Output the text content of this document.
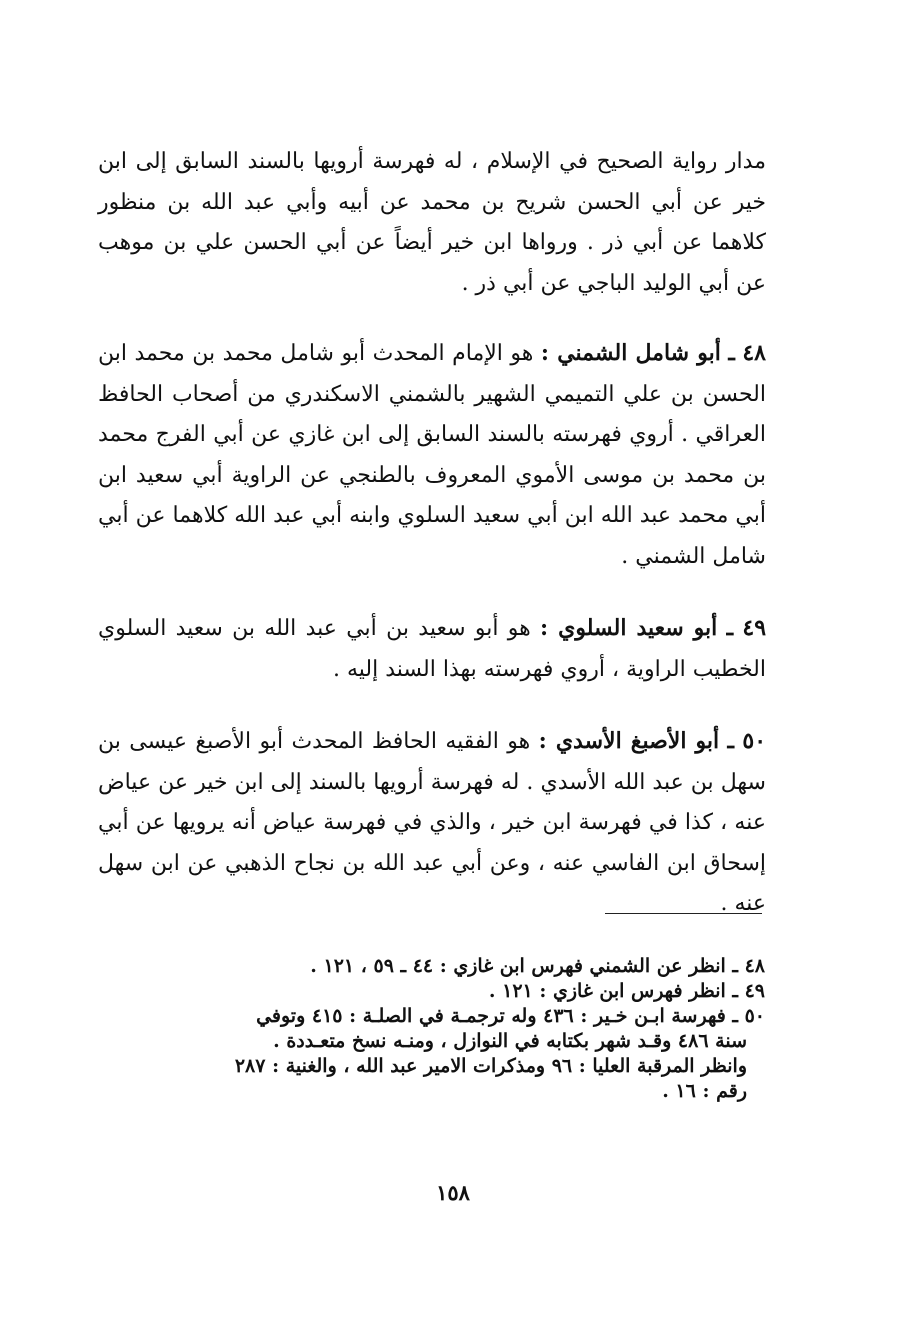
مدار رواية الصحيح في الإسلام ، له فهرسة أرويها بالسند السابق إلى ابن خير عن أبي الحسن شريح بن محمد عن أبيه وأبي عبد الله بن منظور كلاهما عن أبي ذر . ورواها ابن خير أيضاً عن أبي الحسن علي بن موهب عن أبي الوليد الباجي عن أبي ذر .

٤٨ ـ أبو شامل الشمني : هو الإمام المحدث أبو شامل محمد بن محمد ابن الحسن بن علي التميمي الشهير بالشمني الاسكندري من أصحاب الحافظ العراقي . أروي فهرسته بالسند السابق إلى ابن غازي عن أبي الفرج محمد بن محمد بن موسى الأموي المعروف بالطنجي عن الراوية أبي سعيد ابن أبي محمد عبد الله ابن أبي سعيد السلوي وابنه أبي عبد الله كلاهما عن أبي شامل الشمني .

٤٩ ـ أبو سعيد السلوي : هو أبو سعيد بن أبي عبد الله بن سعيد السلوي الخطيب الراوية ، أروي فهرسته بهذا السند إليه .

٥٠ ـ أبو الأصبغ الأسدي : هو الفقيه الحافظ المحدث أبو الأصبغ عيسى بن سهل بن عبد الله الأسدي . له فهرسة أرويها بالسند إلى ابن خير عن عياض عنه ، كذا في فهرسة ابن خير ، والذي في فهرسة عياض أنه يرويها عن أبي إسحاق ابن الفاسي عنه ، وعن أبي عبد الله بن نجاح الذهبي عن ابن سهل عنه .

٤٨ ـ انظر عن الشمني فهرس ابن غازي : ٤٤ ـ ٥٩ ، ١٢١ .

٤٩ ـ انظر فهرس ابن غازي : ١٢١ .

٥٠ ـ فهرسة ابـن خـير : ٤٣٦ وله ترجمـة في الصلـة : ٤١٥ وتوفي

سنة ٤٨٦ وقـد شهر بكتابه في النوازل ، ومنـه نسخ متعـددة .

وانظر المرقبة العليا : ٩٦ ومذكرات الامير عبد الله ، والغنية : ٢٨٧

رقم : ١٦ .

١٥٨
